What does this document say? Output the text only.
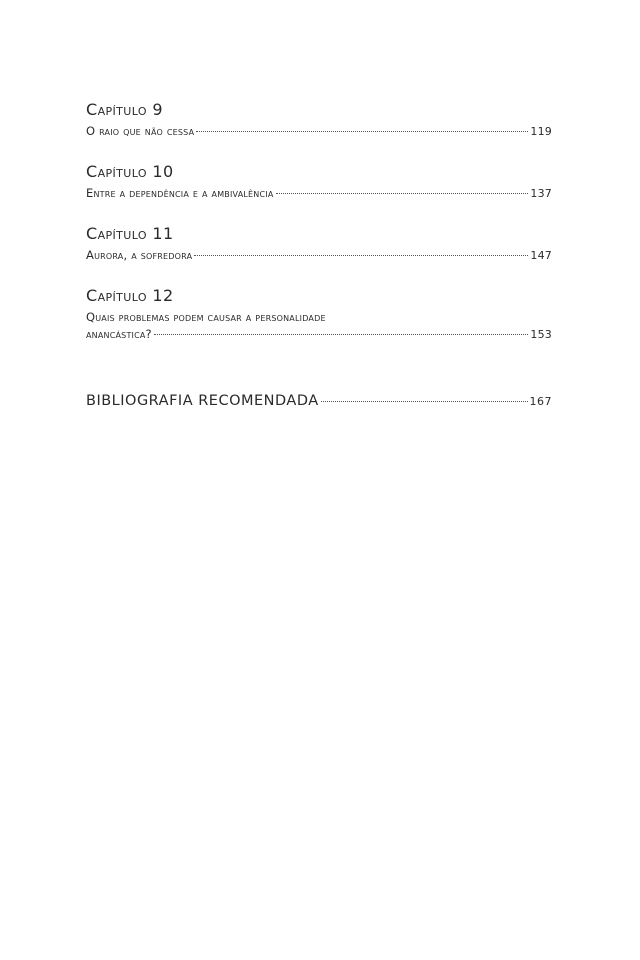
Capítulo 9
O raio que não cessa	119
Capítulo 10
Entre a dependência e a ambivalência	137
Capítulo 11
Aurora, a sofredora	147
Capítulo 12
Quais problemas podem causar a personalidade
anancástica?	153
BIBLIOGRAFIA RECOMENDADA	167
